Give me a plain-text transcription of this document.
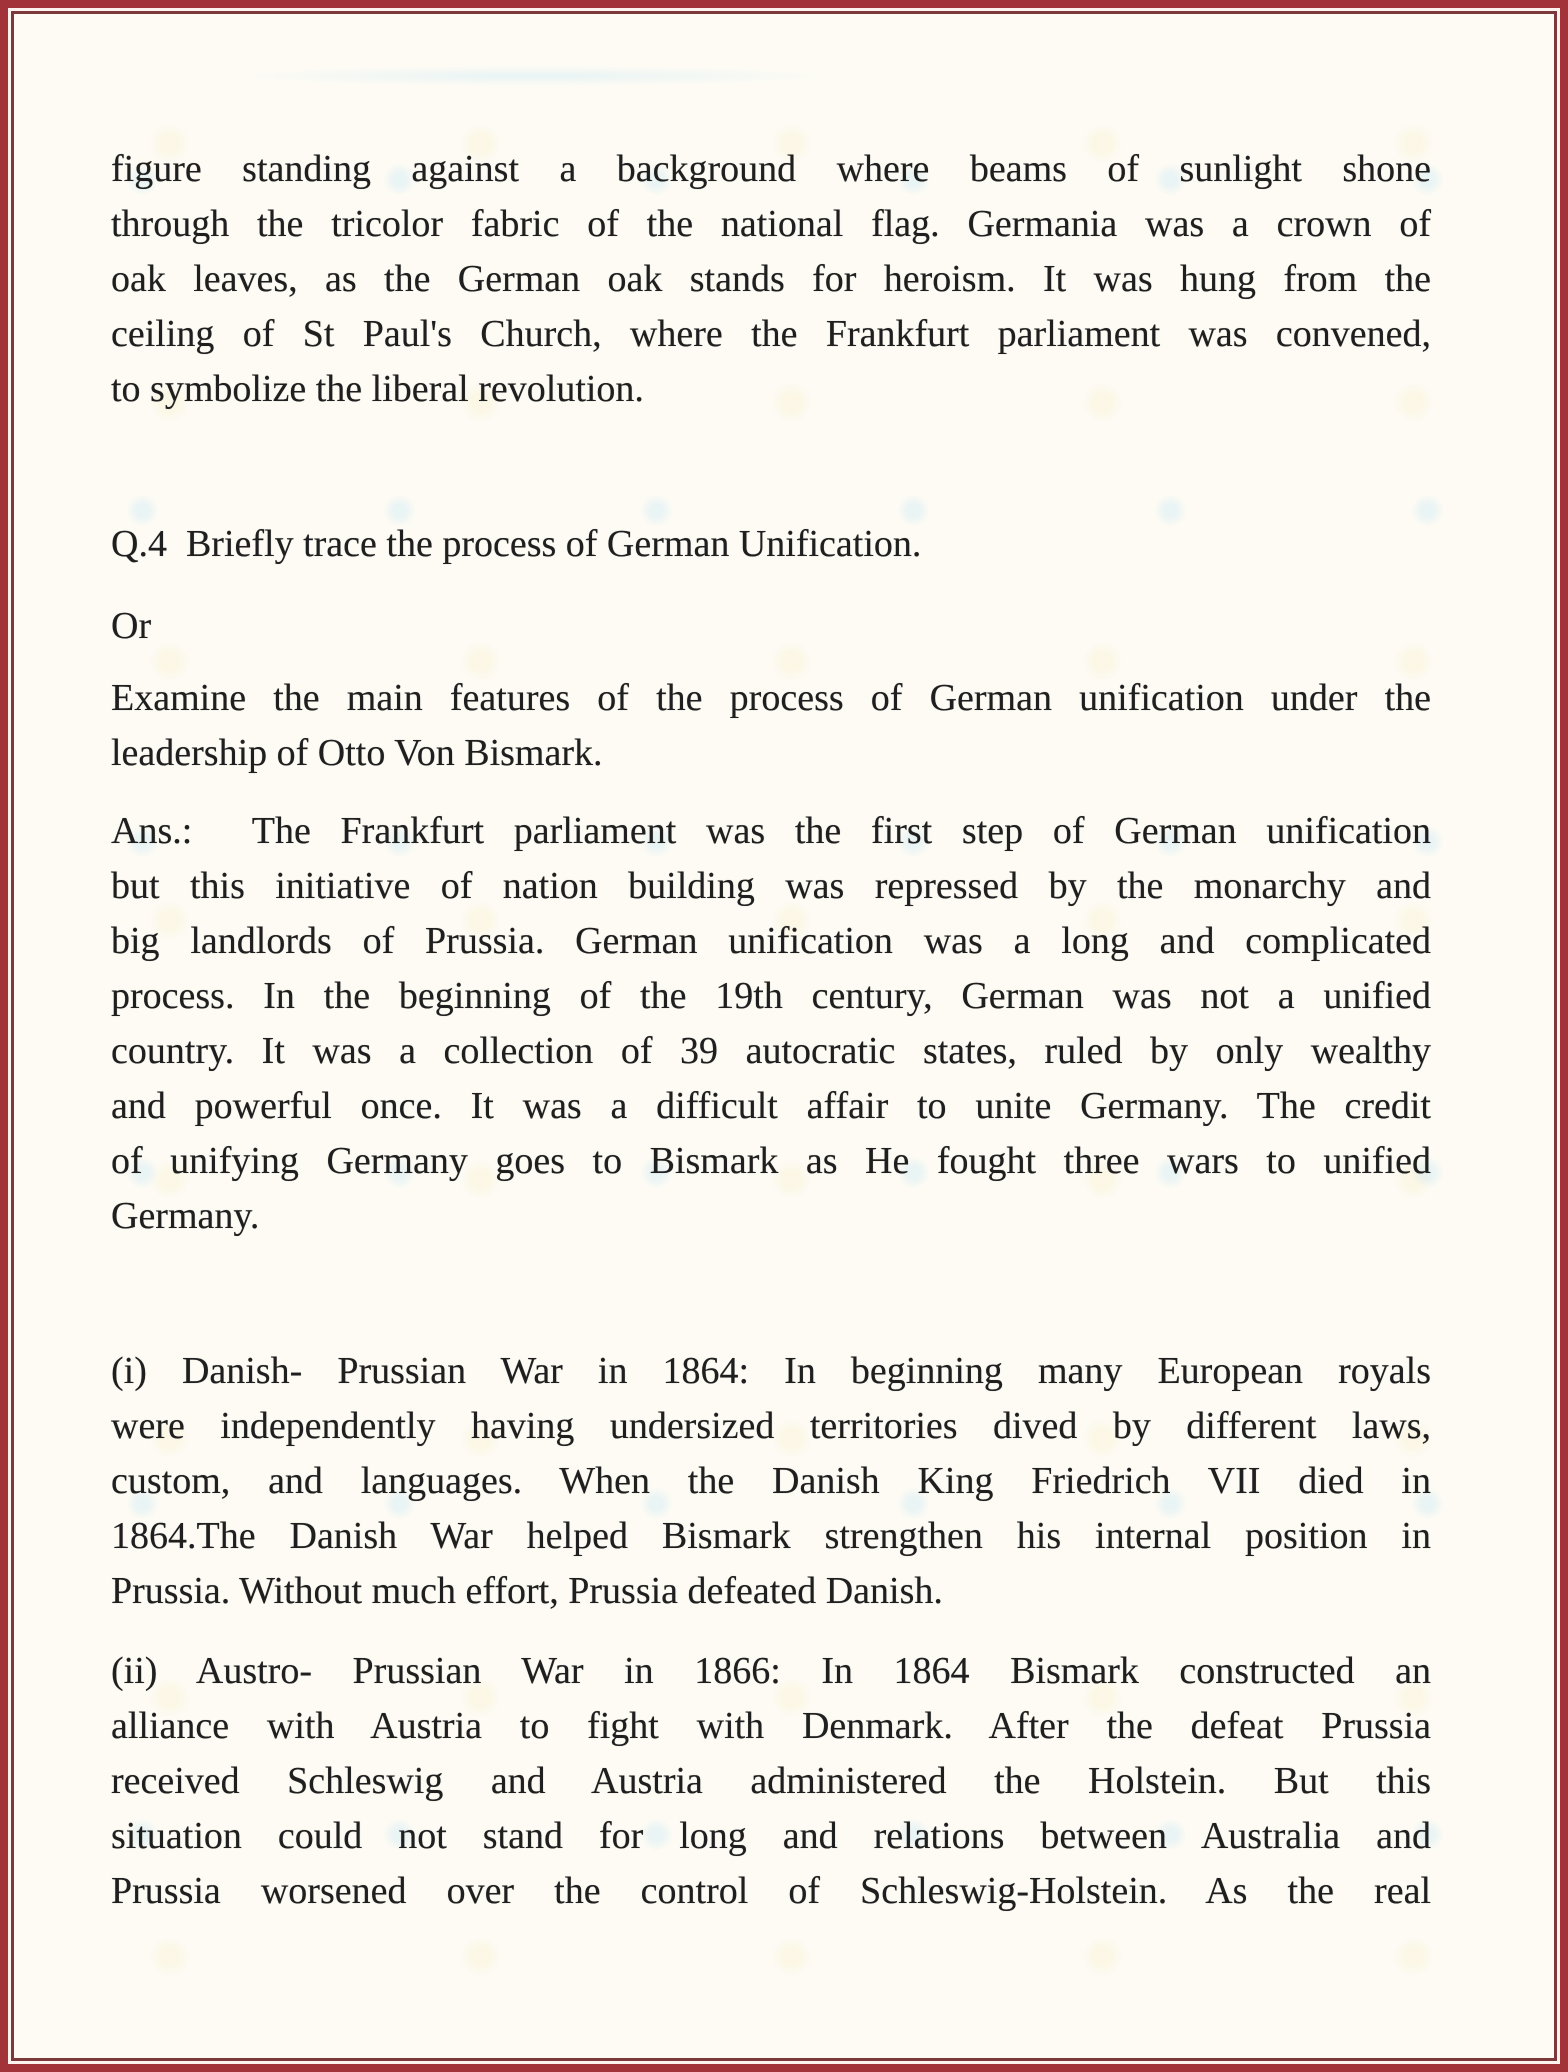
figure standing against a background where beams of sunlight shone
through the tricolor fabric of the national flag. Germania was a crown of
oak leaves, as the German oak stands for heroism. It was hung from the
ceiling of St Paul's Church, where the Frankfurt parliament was convened,
to symbolize the liberal revolution.
Q.4  Briefly trace the process of German Unification.
Or
Examine the main features of the process of German unification under the
leadership of Otto Von Bismark.
Ans.:  The Frankfurt parliament was the first step of German unification
but this initiative of nation building was repressed by the monarchy and
big landlords of Prussia. German unification was a long and complicated
process. In the beginning of the 19th century, German was not a unified
country. It was a collection of 39 autocratic states, ruled by only wealthy
and powerful once. It was a difficult affair to unite Germany. The credit
of unifying Germany goes to Bismark as He fought three wars to unified
Germany.
(i) Danish- Prussian War in 1864: In beginning many European royals
were independently having undersized territories dived by different laws,
custom, and languages. When the Danish King Friedrich VII died in
1864.The Danish War helped Bismark strengthen his internal position in
Prussia. Without much effort, Prussia defeated Danish.
(ii) Austro- Prussian War in 1866: In 1864 Bismark constructed an
alliance with Austria to fight with Denmark. After the defeat Prussia
received Schleswig and Austria administered the Holstein. But this
situation could not stand for long and relations between Australia and
Prussia worsened over the control of Schleswig-Holstein. As the real
